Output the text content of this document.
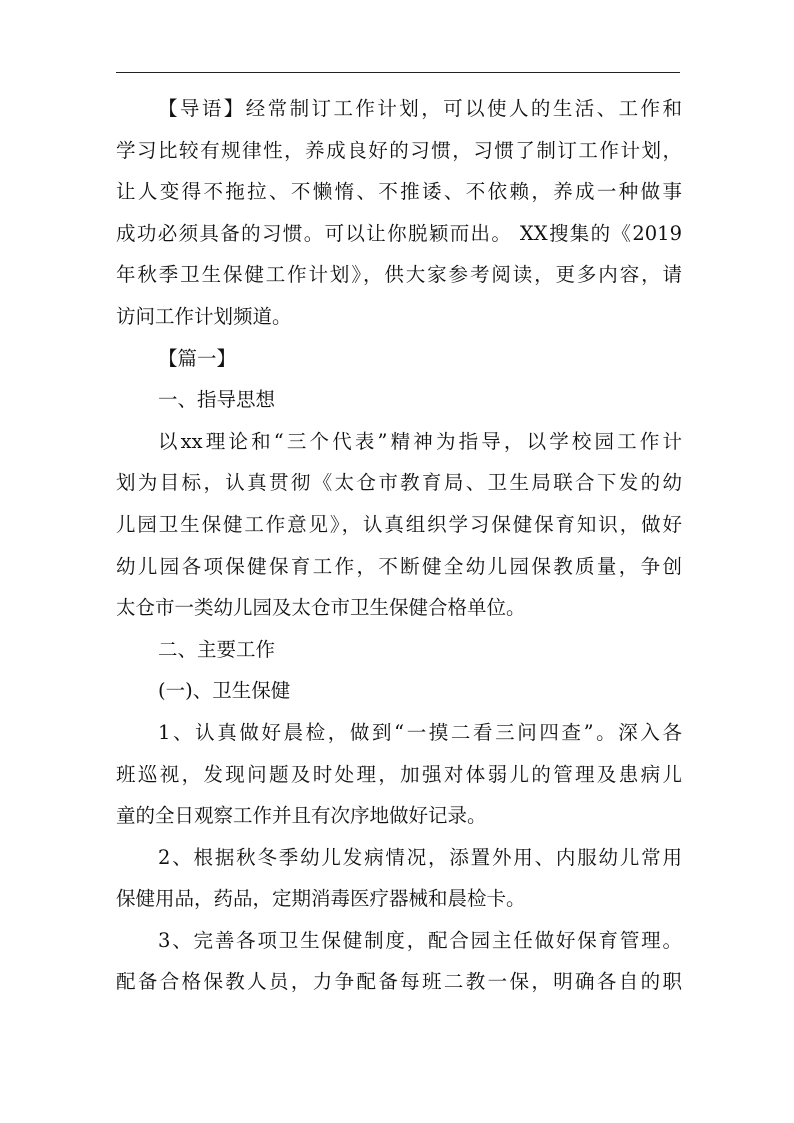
【导语】经常制订工作计划，可以使人的生活、工作和
学习比较有规律性，养成良好的习惯，习惯了制订工作计划，
让人变得不拖拉、不懒惰、不推诿、不依赖，养成一种做事
成功必须具备的习惯。可以让你脱颖而出。 XX搜集的《2019
年秋季卫生保健工作计划》，供大家参考阅读，更多内容，请
访问工作计划频道。
【篇一】
一、指导思想
以xx理论和“三个代表”精神为指导，以学校园工作计
划为目标，认真贯彻《太仓市教育局、卫生局联合下发的幼
儿园卫生保健工作意见》，认真组织学习保健保育知识，做好
幼儿园各项保健保育工作，不断健全幼儿园保教质量，争创
太仓市一类幼儿园及太仓市卫生保健合格单位。
二、主要工作
(一)、卫生保健
1、认真做好晨检，做到“一摸二看三问四查”。深入各
班巡视，发现问题及时处理，加强对体弱儿的管理及患病儿
童的全日观察工作并且有次序地做好记录。
2、根据秋冬季幼儿发病情况，添置外用、内服幼儿常用
保健用品，药品，定期消毒医疗器械和晨检卡。
3、完善各项卫生保健制度，配合园主任做好保育管理。
配备合格保教人员，力争配备每班二教一保，明确各自的职
